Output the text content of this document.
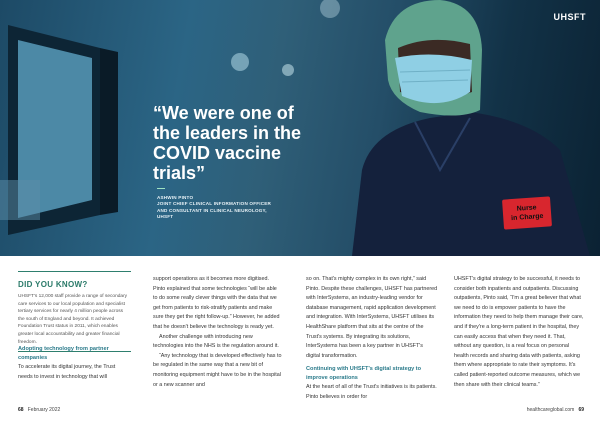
UHSFT
“We were one of the leaders in the COVID vaccine trials”
ASHWIN PINTO
JOINT CHIEF CLINICAL INFORMATION OFFICER
AND CONSULTANT IN CLINICAL NEUROLOGY,
UHSFT
Nurse
in Charge
DID YOU KNOW?
UHSFT's 12,000 staff provide a range of secondary care services to our local population and specialist tertiary services for nearly 4 million people across the south of England and beyond. It achieved Foundation Trust status in 2011, which enables greater local accountability and greater financial freedom.

Adopting technology from partner companies

To accelerate its digital journey, the Trust needs to invest in technology that will

support operations as it becomes more digitised. Pinto explained that some technologies “will be able to do some really clever things with the data that we get from patients to risk-stratify patients and make sure they get the right follow-up.” However, he added that he doesn't believe the technology is ready yet.

Another challenge with introducing new technologies into the NHS is the regulation around it.

“Any technology that is developed effectively has to be regulated in the same way that a new bit of monitoring equipment might have to be in the hospital or a new scanner and

so on. That's mighty complex in its own right,” said Pinto. Despite these challenges, UHSFT has partnered with InterSystems, an industry-leading vendor for database management, rapid application development and integration. With InterSystems, UHSFT utilises its HealthShare platform that sits at the centre of the Trust's systems. By integrating its solutions, InterSystems has been a key partner in UHSFT's digital transformation.

Continuing with UHSFT's digital strategy to improve operations

At the heart of all of the Trust's initiatives is its patients. Pinto believes in order for

UHSFT's digital strategy to be successful, it needs to consider both inpatients and outpatients. Discussing outpatients, Pinto said, “I'm a great believer that what we need to do is empower patients to have the information they need to help them manage their care, and if they're a long-term patient in the hospital, they can easily access that when they need it. That, without any question, is a real focus on personal health records and sharing data with patients, asking them where appropriate to rate their symptoms. It's called patient-reported outcome measures, which we then share with their clinical teams.”

68 February 2022	healthcareglobal.com 69
